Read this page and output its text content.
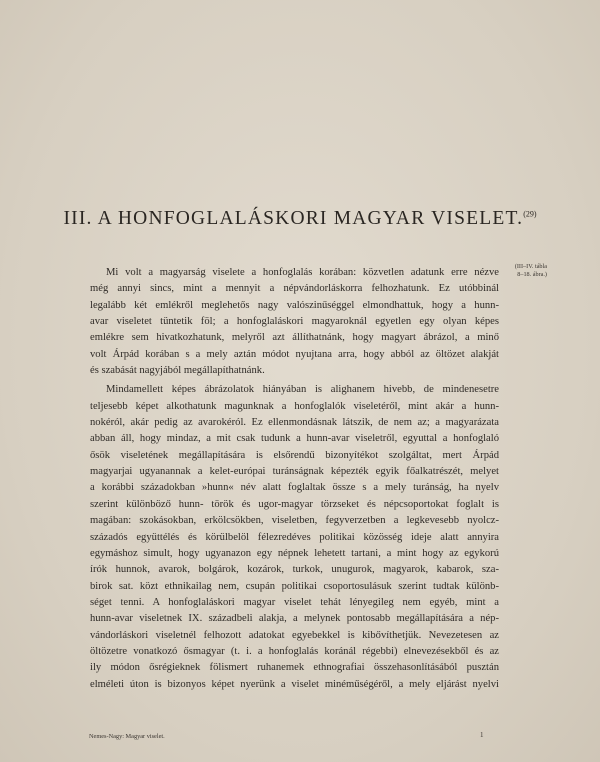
III. A HONFOGLALÁSKORI MAGYAR VISELET.$^{(29)}$
(III–IV. tábla
8–18. ábra.)
Mi volt a magyarság viselete a honfoglalás korában: közvetlen adatunk erre nézve
még annyi sincs, mint a mennyit a népvándorláskorra felhozhatunk. Ez utóbbinál
legalább két emlékről meglehetős nagy valószinűséggel elmondhattuk, hogy a hunn-
avar viseletet tüntetik föl; a honfoglaláskori magyaroknál egyetlen egy olyan képes
emlékre sem hivatkozhatunk, melyről azt állíthatnánk, hogy magyart ábrázol, a minő
volt Árpád korában s a mely aztán módot nyujtana arra, hogy abból az öltözet alakját
és szabását nagyjából megállapíthatnánk.
Mindamellett képes ábrázolatok hiányában is alighanem hivebb, de mindenesetre
teljesebb képet alkothatunk magunknak a honfoglalók viseletéről, mint akár a hunn-
nokéról, akár pedig az avarokéról. Ez ellenmondásnak látszik, de nem az; a magyarázata
abban áll, hogy mindaz, a mit csak tudunk a hunn-avar viseletről, egyuttal a honfoglaló
ősök viseletének megállapítására is elsőrendű bizonyítékot szolgáltat, mert Árpád
magyarjai ugyanannak a kelet-európai turánságnak képezték egyik főalkatrészét, melyet
a korábbi századokban »hunn« név alatt foglaltak össze s a mely turánság, ha nyelv
szerint különböző hunn- török és ugor-magyar törzseket és népcsoportokat foglalt is
magában: szokásokban, erkölcsökben, viseletben, fegyverzetben a legkevesebb nyolcz-
századós együttélés és körülbelöl félezredéves politikai közösség ideje alatt annyira
egymáshoz simult, hogy ugyanazon egy népnek lehetett tartani, a mint hogy az egykorú
írók hunnok, avarok, bolgárok, kozárok, turkok, unugurok, magyarok, kabarok, sza-
birok sat. közt ethnikailag nem, csupán politikai csoportosulásuk szerint tudtak különb-
séget tenni. A honfoglaláskori magyar viselet tehát lényegileg nem egyéb, mint a
hunn-avar viseletnek IX. századbeli alakja, a melynek pontosabb megállapítására a nép-
vándorláskori viseletnél felhozott adatokat egyebekkel is kibővíthetjük. Nevezetesen az
öltözetre vonatkozó ősmagyar (t. i. a honfoglalás koránál régebbi) elnevezésekből és az
ily módon ősrégieknek fölismert ruhanemek ethnografiai összehasonlításából pusztán
elméleti úton is bizonyos képet nyerünk a viselet minéműségéről, a mely eljárást nyelvi
Nemes-Nagy: Magyar viselet.	1
